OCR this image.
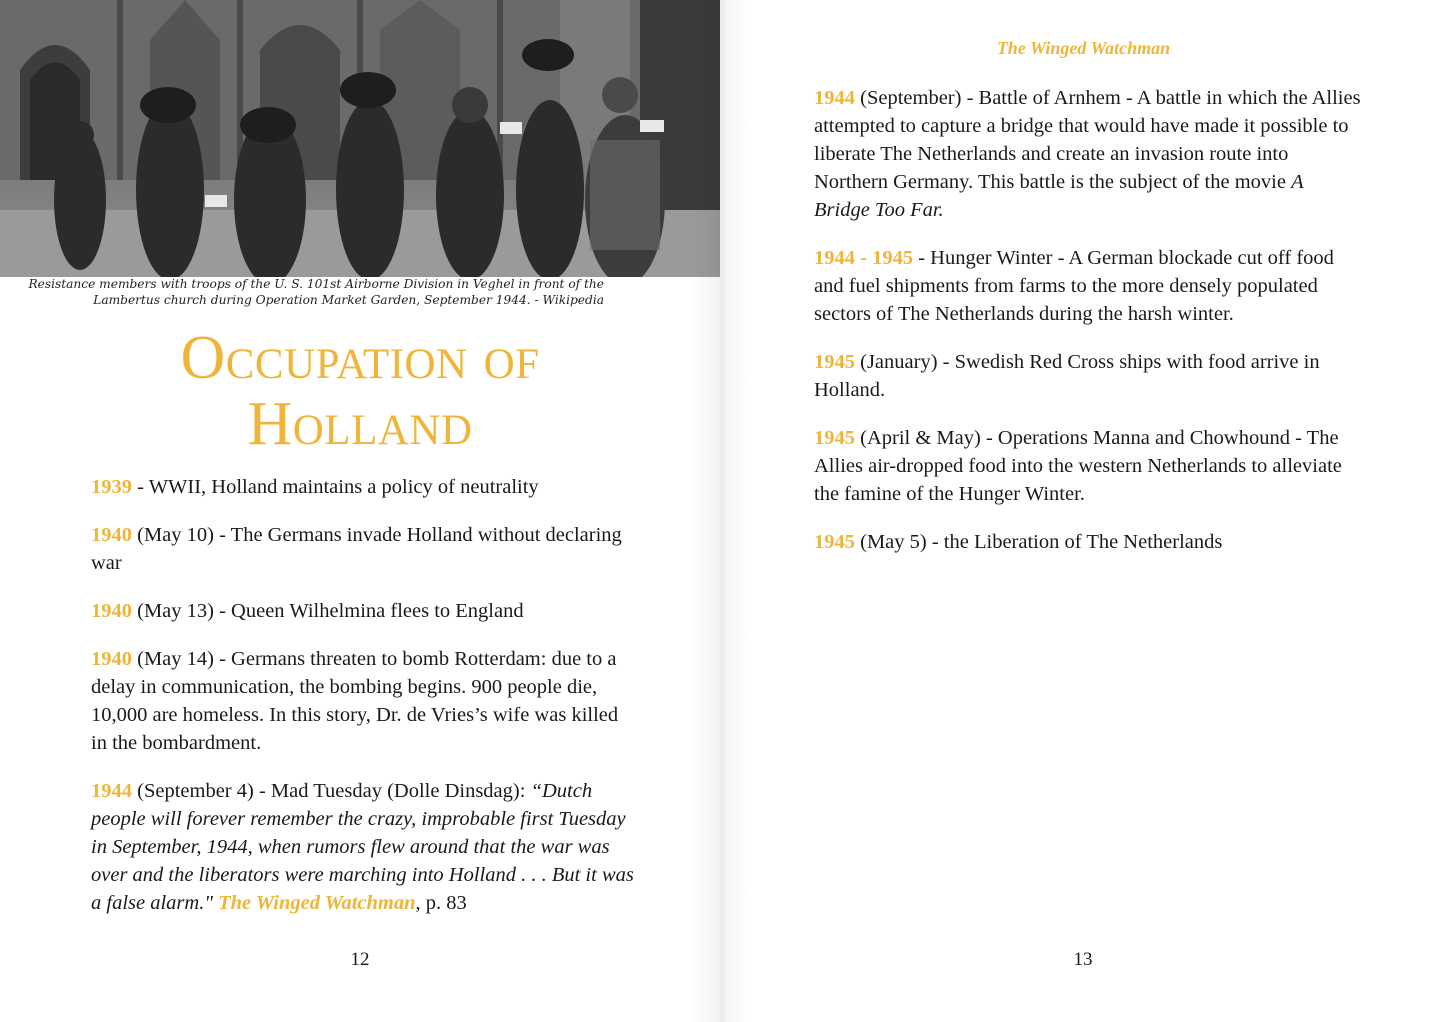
Resistance members with troops of the U. S. 101st Airborne Division in Veghel in front of the Lambertus church during Operation Market Garden, September 1944. - Wikipedia
Occupation of Holland
1939 - WWII, Holland maintains a policy of neutrality
1940 (May 10) - The Germans invade Holland without declaring war
1940 (May 13) - Queen Wilhelmina flees to England
1940 (May 14) - Germans threaten to bomb Rotterdam: due to a delay in communication, the bombing begins. 900 people die, 10,000 are homeless. In this story, Dr. de Vries’s wife was killed in the bombardment.
1944 (September 4) - Mad Tuesday (Dolle Dinsdag): “Dutch people will forever remember the crazy, improbable first Tuesday in September, 1944, when rumors flew around that the war was over and the liberators were marching into Holland . . . But it was a false alarm." The Winged Watchman, p. 83
12
The Winged Watchman
1944 (September) - Battle of Arnhem - A battle in which the Allies attempted to capture a bridge that would have made it possible to liberate The Netherlands and create an invasion route into Northern Germany. This battle is the subject of the movie A Bridge Too Far.
1944 - 1945 - Hunger Winter - A German blockade cut off food and fuel shipments from farms to the more densely populated sectors of The Netherlands during the harsh winter.
1945 (January) - Swedish Red Cross ships with food arrive in Holland.
1945 (April & May) - Operations Manna and Chowhound - The Allies air-dropped food into the western Netherlands to alleviate the famine of the Hunger Winter.
1945 (May 5) - the Liberation of The Netherlands
13
